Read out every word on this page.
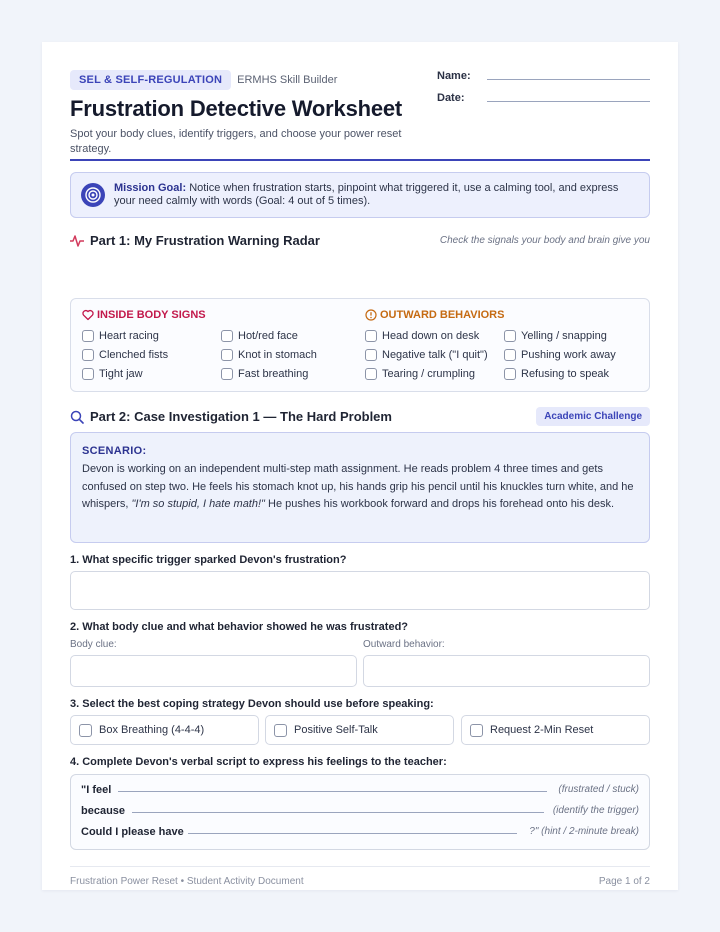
SEL & SELF-REGULATION ERMHS Skill Builder
Frustration Detective Worksheet
Spot your body clues, identify triggers, and choose your power reset strategy.
Name:
Date:
Mission Goal: Notice when frustration starts, pinpoint what triggered it, use a calming tool, and express your need calmly with words (Goal: 4 out of 5 times).
Part 1: My Frustration Warning Radar	Check the signals your body and brain give you
INSIDE BODY SIGNS	OUTWARD BEHAVIORS
Heart racing	Hot/red face
Clenched fists	Knot in stomach
Tight jaw	Fast breathing
Head down on desk	Yelling / snapping
Negative talk ("I quit")	Pushing work away
Tearing / crumpling	Refusing to speak
Part 2: Case Investigation 1 — The Hard Problem	Academic Challenge
SCENARIO:
Devon is working on an independent multi-step math assignment. He reads problem 4 three times and gets confused on step two. He feels his stomach knot up, his hands grip his pencil until his knuckles turn white, and he whispers, "I'm so stupid, I hate math!" He pushes his workbook forward and drops his forehead onto his desk.
1. What specific trigger sparked Devon's frustration?
2. What body clue and what behavior showed he was frustrated?
Body clue:	Outward behavior:
3. Select the best coping strategy Devon should use before speaking:
Box Breathing (4-4-4)	Positive Self-Talk	Request 2-Min Reset
4. Complete Devon's verbal script to express his feelings to the teacher:
"I feel	(frustrated / stuck)
because	(identify the trigger)
Could I please have	?" (hint / 2-minute break)
Frustration Power Reset • Student Activity Document	Page 1 of 2
